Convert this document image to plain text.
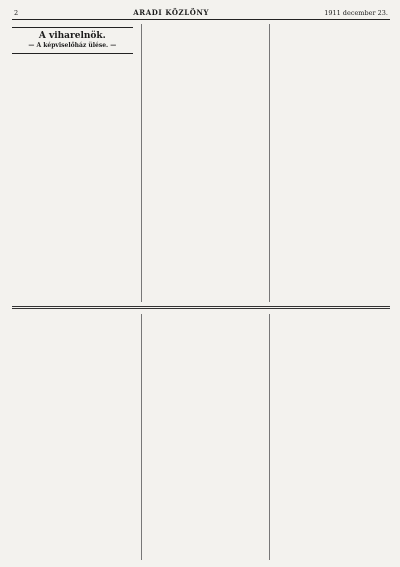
2	ARADI KÖZLÖNY	1911 december 23.

A viharelnök.
— A képviselőház ülése. —
